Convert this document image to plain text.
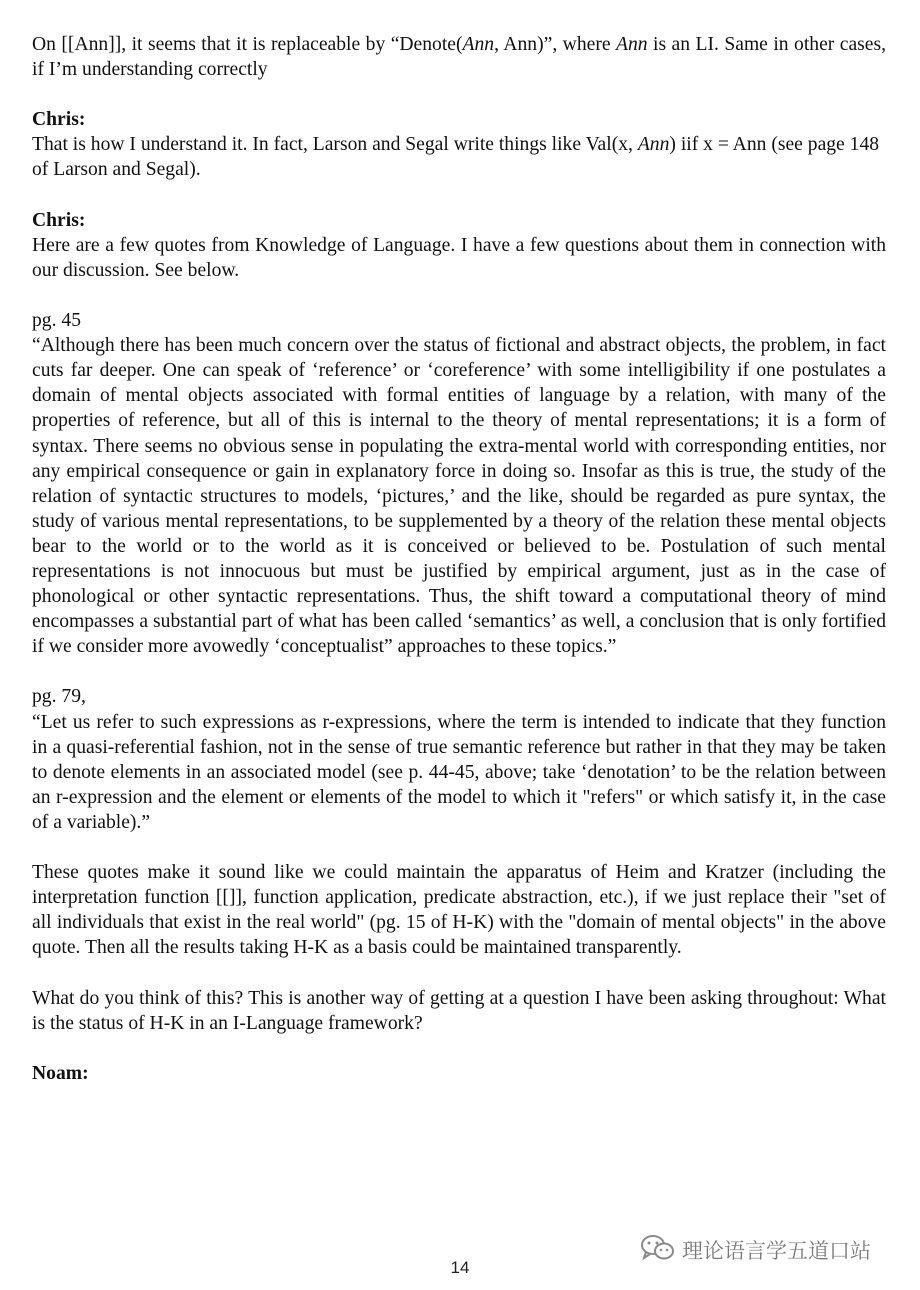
On [[Ann]], it seems that it is replaceable by “Denote(Ann, Ann)”, where Ann is an LI. Same in other cases, if I’m understanding correctly

Chris:
That is how I understand it. In fact, Larson and Segal write things like Val(x, Ann) iif x = Ann (see page 148 of Larson and Segal).

Chris:
Here are a few quotes from Knowledge of Language. I have a few questions about them in connection with our discussion. See below.

pg. 45
“Although there has been much concern over the status of fictional and abstract objects, the problem, in fact cuts far deeper. One can speak of ‘reference’ or ‘coreference’ with some intelligibility if one postulates a domain of mental objects associated with formal entities of language by a relation, with many of the properties of reference, but all of this is internal to the theory of mental representations; it is a form of syntax. There seems no obvious sense in populating the extra-mental world with corresponding entities, nor any empirical consequence or gain in explanatory force in doing so. Insofar as this is true, the study of the relation of syntactic structures to models, ‘pictures,’ and the like, should be regarded as pure syntax, the study of various mental representations, to be supplemented by a theory of the relation these mental objects bear to the world or to the world as it is conceived or believed to be. Postulation of such mental representations is not innocuous but must be justified by empirical argument, just as in the case of phonological or other syntactic representations. Thus, the shift toward a computational theory of mind encompasses a substantial part of what has been called ‘semantics’ as well, a conclusion that is only fortified if we consider more avowedly ‘conceptualist” approaches to these topics.”

pg. 79,
“Let us refer to such expressions as r-expressions, where the term is intended to indicate that they function in a quasi-referential fashion, not in the sense of true semantic reference but rather in that they may be taken to denote elements in an associated model (see p. 44-45, above; take ‘denotation’ to be the relation between an r-expression and the element or elements of the model to which it "refers" or which satisfy it, in the case of a variable).”

These quotes make it sound like we could maintain the apparatus of Heim and Kratzer (including the interpretation function [[]], function application, predicate abstraction, etc.), if we just replace their "set of all individuals that exist in the real world" (pg. 15 of H-K) with the "domain of mental objects" in the above quote. Then all the results taking H-K as a basis could be maintained transparently.

What do you think of this? This is another way of getting at a question I have been asking throughout: What is the status of H-K in an I-Language framework?

Noam:

14
理论语言学五道口站
